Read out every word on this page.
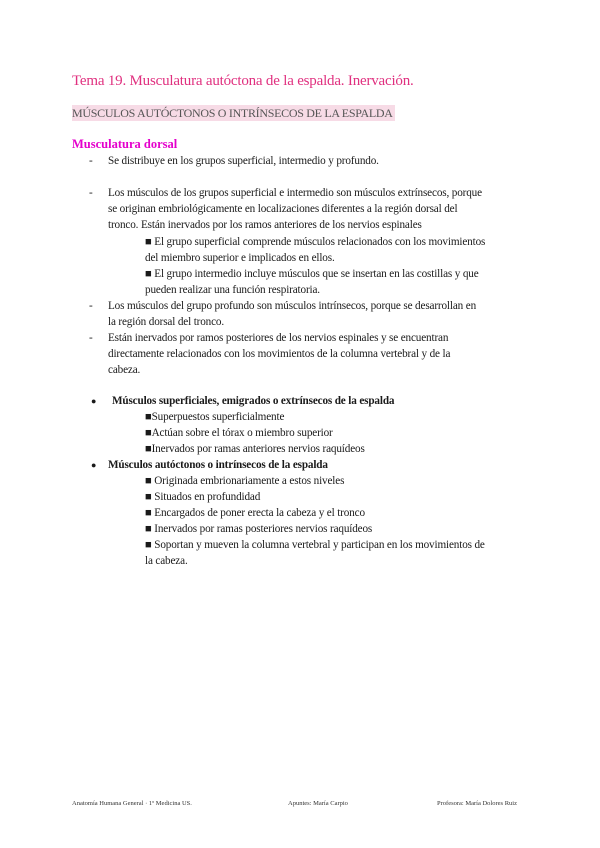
Tema 19. Musculatura autóctona de la espalda. Inervación.
MÚSCULOS AUTÓCTONOS O INTRÍNSECOS DE LA ESPALDA
Musculatura dorsal
- Se distribuye en los grupos superficial, intermedio y profundo.
- Los músculos de los grupos superficial e intermedio son músculos extrínsecos, porque
se originan embriológicamente en localizaciones diferentes a la región dorsal del
tronco. Están inervados por los ramos anteriores de los nervios espinales
■ El grupo superficial comprende músculos relacionados con los movimientos
del miembro superior e implicados en ellos.
■ El grupo intermedio incluye músculos que se insertan en las costillas y que
pueden realizar una función respiratoria.
- Los músculos del grupo profundo son músculos intrínsecos, porque se desarrollan en
la región dorsal del tronco.
- Están inervados por ramos posteriores de los nervios espinales y se encuentran
directamente relacionados con los movimientos de la columna vertebral y de la
cabeza.
● Músculos superficiales, emigrados o extrínsecos de la espalda
■Superpuestos superficialmente
■Actúan sobre el tórax o miembro superior
■Inervados por ramas anteriores nervios raquídeos
● Músculos autóctonos o intrínsecos de la espalda
■ Originada embrionariamente a estos niveles
■ Situados en profundidad
■ Encargados de poner erecta la cabeza y el tronco
■ Inervados por ramas posteriores nervios raquídeos
■ Soportan y mueven la columna vertebral y participan en los movimientos de
la cabeza.
Anatomía Humana General · 1º Medicina US.	Apuntes: María Carpio	Profesora: María Dolores Ruiz
